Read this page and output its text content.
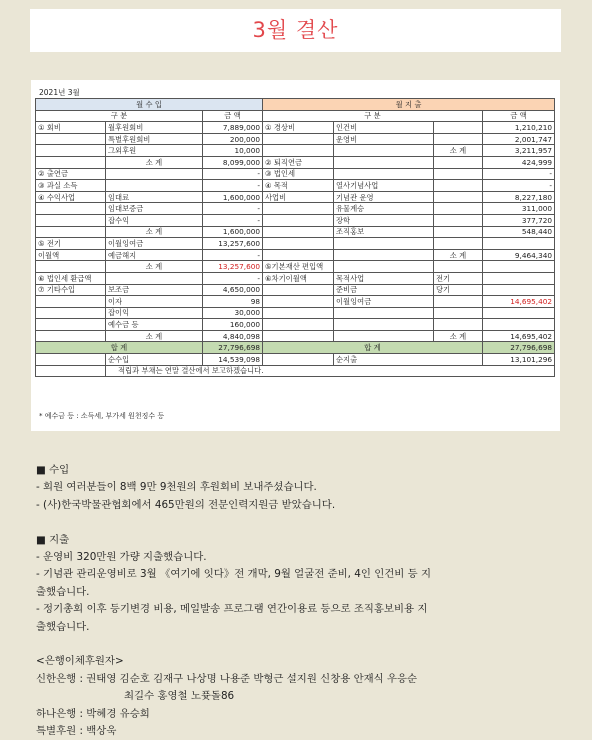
3월 결산
2021년 3월
월 수 입			월 지 출			
구 분		금 액	구 분			금 액
① 회비	월후원회비	7,889,000	① 경상비	인건비		1,210,210
	특별후원회비	200,000		운영비		2,001,747
	그외후원	10,000			소 계	3,211,957
	소 계	8,099,000	② 퇴직연금			424,999
② 출연금		-	③ 법인세			-
③ 과실 소득		-	④ 목적	열사기념사업		-
④ 수익사업	임대료	1,600,000	사업비	기념관 운영		8,227,180
	임대보증금	-		유물계승		311,000
	잡수익	-		장학		377,720
	소 계	1,600,000		조직홍보		548,440
⑤ 전기	이월잉여금	13,257,600				
이월액	예금해지	-			소 계	9,464,340
	소 계	13,257,600	⑤기본재산 편입액			
⑥ 법인세 환급액		-	⑥차기이월액	목적사업	전기	
⑦ 기타수입	보조금	4,650,000		준비금	당기	
	이자	98		이월잉여금		14,695,402
	잡이익	30,000				
	예수금 등	160,000				
	소 계	4,840,098			소 계	14,695,402
합 계		27,796,698	합 계			27,796,698
	순수입	14,539,098		순지출		13,101,296
	적립과 부채는 연말 결산에서 보고하겠습니다.					
* 예수금 등 : 소득세, 부가세 원천징수 등

■ 수입

- 회원 여러분들이 8백 9만 9천원의 후원회비 보내주셨습니다.

- (사)한국박물관협회에서 465만원의 전문인력지원금 받았습니다.

■ 지출

- 운영비 320만원 가량 지출했습니다.

- 기념관 관리운영비로 3월 《여기에 잇다》전 개막, 9월 얼굴전 준비, 4인 인건비 등 지

출했습니다.

- 정기총회 이후 등기변경 비용, 메일발송 프로그램 연간이용료 등으로 조직홍보비용 지

출했습니다.

<은행이체후원자>

신한은행 : 권태영 김순호 김재구 나상명 나용준 박형근 설지원 신창용 안재식 우응순

최길수 홍영철 노퓻돌86

하나은행 : 박혜경 유승희

특별후원 : 백상욱
